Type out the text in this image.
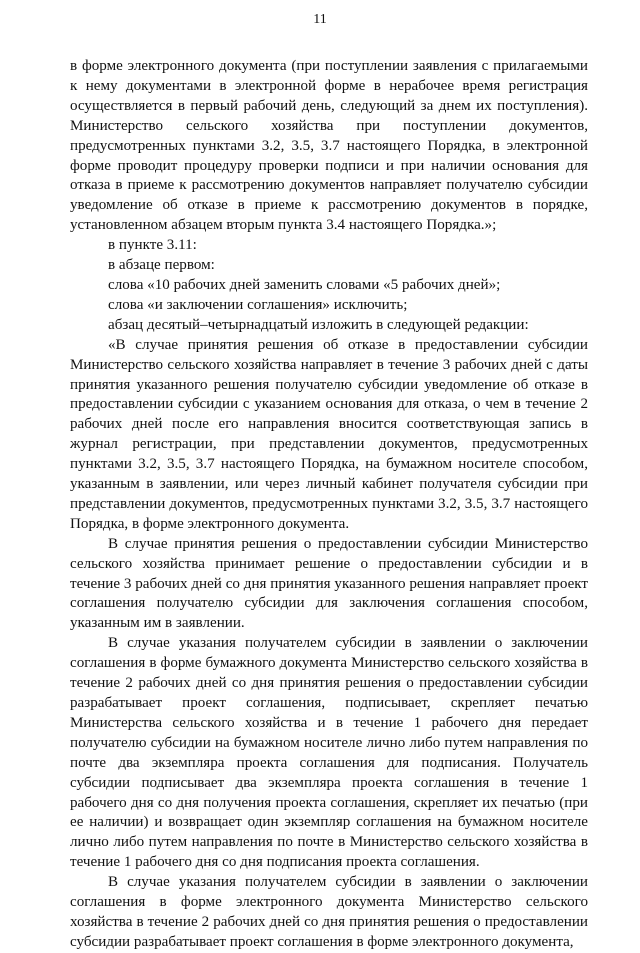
11

в форме электронного документа (при поступлении заявления с прилагаемыми к нему документами в электронной форме в нерабочее время регистрация осуществляется в первый рабочий день, следующий за днем их поступления). Министерство сельского хозяйства при поступлении документов, предусмотренных пунктами 3.2, 3.5, 3.7 настоящего Порядка, в электронной форме проводит процедуру проверки подписи и при наличии основания для отказа в приеме к рассмотрению документов направляет получателю субсидии уведомление об отказе в приеме к рассмотрению документов в порядке, установленном абзацем вторым пункта 3.4 настоящего Порядка.»;

в пункте 3.11:

в абзаце первом:

слова «10 рабочих дней заменить словами «5 рабочих дней»;

слова «и заключении соглашения» исключить;

абзац десятый–четырнадцатый изложить в следующей редакции:

«В случае принятия решения об отказе в предоставлении субсидии Министерство сельского хозяйства направляет в течение 3 рабочих дней с даты принятия указанного решения получателю субсидии уведомление об отказе в предоставлении субсидии с указанием основания для отказа, о чем в течение 2 рабочих дней после его направления вносится соответствующая запись в журнал регистрации, при представлении документов, предусмотренных пунктами 3.2, 3.5, 3.7 настоящего Порядка, на бумажном носителе способом, указанным в заявлении, или через личный кабинет получателя субсидии при представлении документов, предусмотренных пунктами 3.2, 3.5, 3.7 настоящего Порядка, в форме электронного документа.

В случае принятия решения о предоставлении субсидии Министерство сельского хозяйства принимает решение о предоставлении субсидии и в течение 3 рабочих дней со дня принятия указанного решения направляет проект соглашения получателю субсидии для заключения соглашения способом, указанным им в заявлении.

В случае указания получателем субсидии в заявлении о заключении соглашения в форме бумажного документа Министерство сельского хозяйства в течение 2 рабочих дней со дня принятия решения о предоставлении субсидии разрабатывает проект соглашения, подписывает, скрепляет печатью Министерства сельского хозяйства и в течение 1 рабочего дня передает получателю субсидии на бумажном носителе лично либо путем направления по почте два экземпляра проекта соглашения для подписания. Получатель субсидии подписывает два экземпляра проекта соглашения в течение 1 рабочего дня со дня получения проекта соглашения, скрепляет их печатью (при ее наличии) и возвращает один экземпляр соглашения на бумажном носителе лично либо путем направления по почте в Министерство сельского хозяйства в течение 1 рабочего дня со дня подписания проекта соглашения.

В случае указания получателем субсидии в заявлении о заключении соглашения в форме электронного документа Министерство сельского хозяйства в течение 2 рабочих дней со дня принятия решения о предоставлении субсидии разрабатывает проект соглашения в форме электронного документа,
